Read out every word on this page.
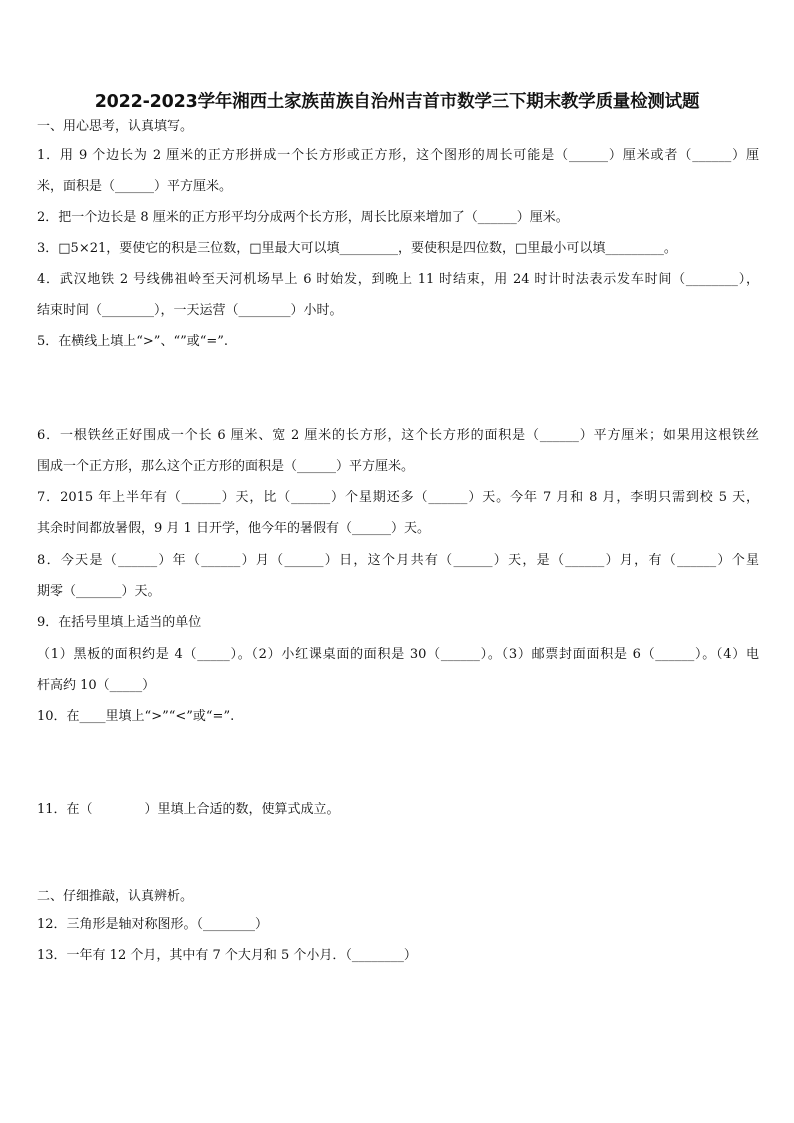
2022-2023学年湘西土家族苗族自治州吉首市数学三下期末教学质量检测试题
一、用心思考，认真填写。
1．用 9 个边长为 2 厘米的正方形拼成一个长方形或正方形，这个图形的周长可能是（______）厘米或者（______）厘
米，面积是（______）平方厘米。
2．把一个边长是 8 厘米的正方形平均分成两个长方形，周长比原来增加了（______）厘米。
3．□5×21，要使它的积是三位数，□里最大可以填_________，要使积是四位数，□里最小可以填_________。
4．武汉地铁 2 号线佛祖岭至天河机场早上 6 时始发，到晚上 11 时结束，用 24 时计时法表示发车时间（________），
结束时间（________），一天运营（________）小时。
5．在横线上填上“>”、“”或“=”.
6．一根铁丝正好围成一个长 6 厘米、宽 2 厘米的长方形，这个长方形的面积是（______）平方厘米；如果用这根铁丝
围成一个正方形，那么这个正方形的面积是（______）平方厘米。
7．2015 年上半年有（______）天，比（______）个星期还多（______）天。今年 7 月和 8 月，李明只需到校 5 天，
其余时间都放暑假，9 月 1 日开学，他今年的暑假有（______）天。
8．今天是（______）年（______）月（______）日，这个月共有（______）天，是（______）月，有（______）个星
期零（_______）天。
9．在括号里填上适当的单位
（1）黑板的面积约是 4（_____）。（2）小红课桌面的面积是 30（______）。（3）邮票封面面积是 6（______）。（4）电
杆高约 10（_____）
10．在____里填上“>”“<”或“=”.
11．在（　　　　）里填上合适的数，使算式成立。
二、仔细推敲，认真辨析。
12．三角形是轴对称图形。（________）
13．一年有 12 个月，其中有 7 个大月和 5 个小月．（________）
